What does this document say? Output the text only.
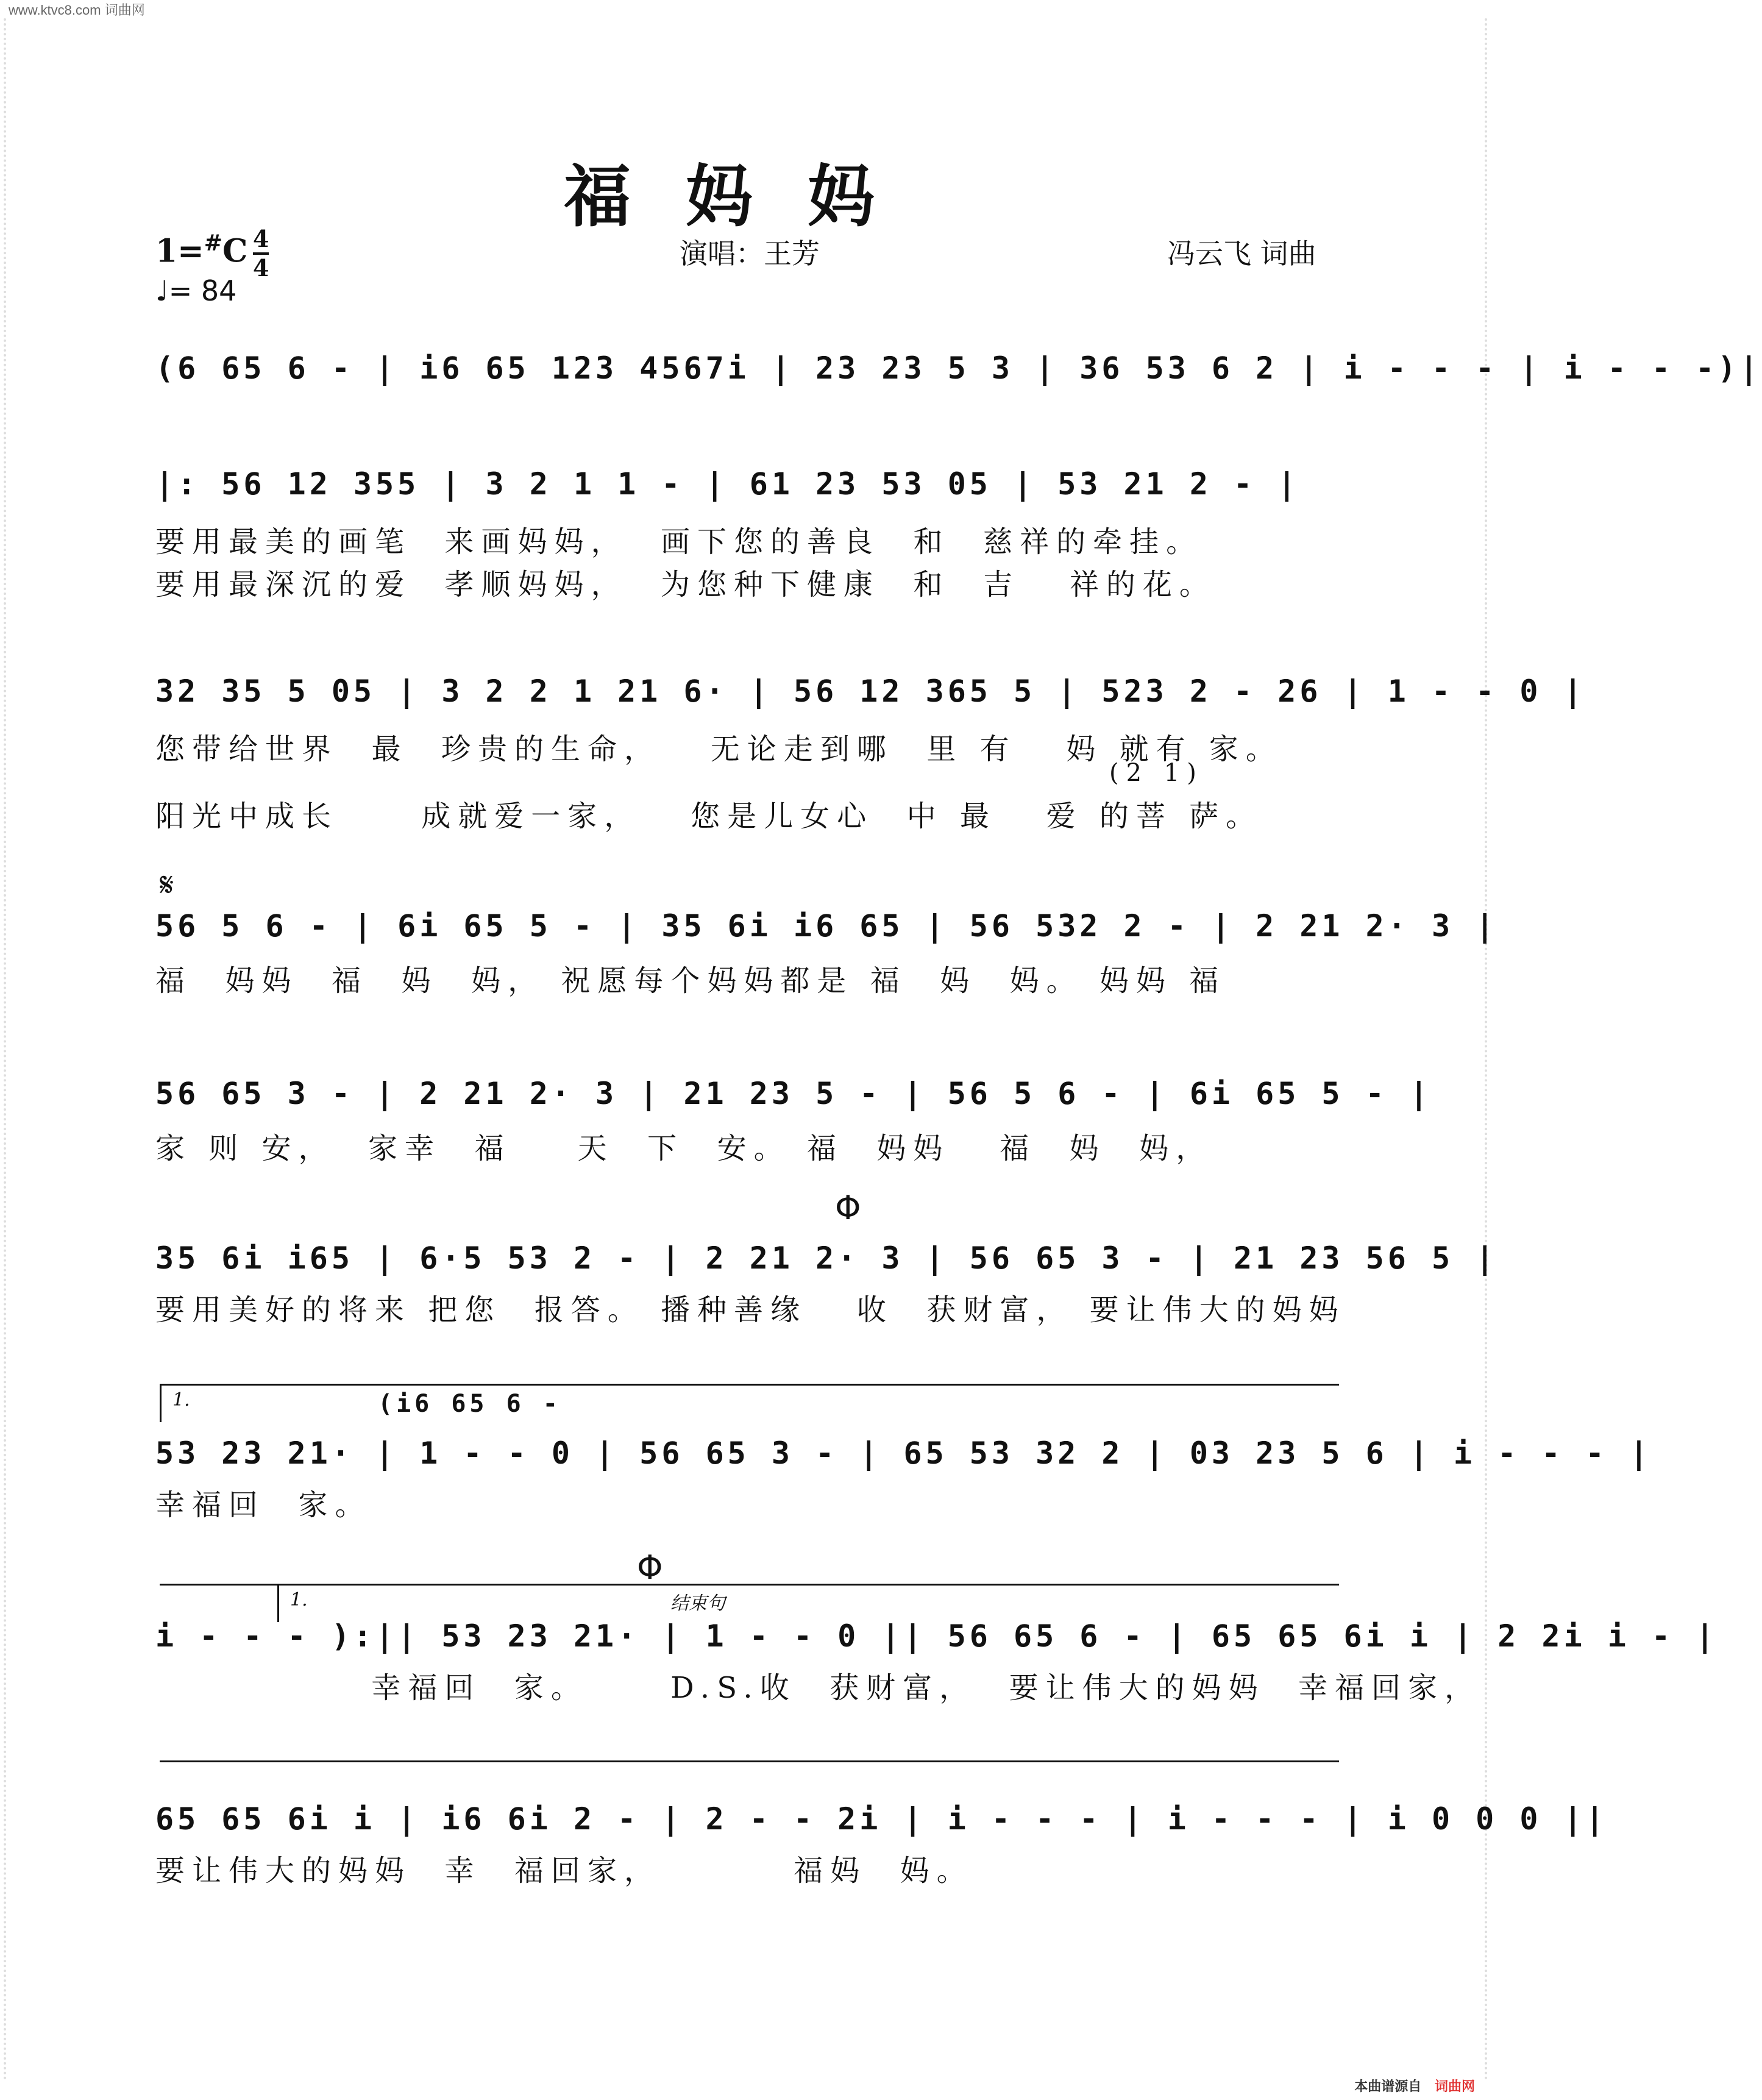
www.ktvc8.com 词曲网
福妈妈
1=#C 4
4
♩= 84
演唱：王芳	冯云飞 词曲
(6 65 6 - | i6 65 123 4567i | 23 23 5 3 | 36 53 6 2 | i - - - | i - - -)|
|: 56 12 355 | 3 2 1 1 - | 61 23 53 05 | 53 21 2 - |
要用最美的画笔  来画妈妈，  画下您的善良  和  慈祥的牵挂。
要用最深沉的爱  孝顺妈妈，  为您种下健康  和  吉   祥的花。
32 35 5 05 | 3 2 2 1 21 6· | 56 12 365 5 | 523 2 - 26 | 1 - - 0 |
您带给世界  最  珍贵的生命，   无论走到哪  里 有   妈 就有 家。
(2 1)
阳光中成长     成就爱一家，   您是儿女心  中 最   爱 的菩 萨。
𝄋
56 5 6 - | 6i 65 5 - | 35 6i i6 65 | 56 532 2 - | 2 21 2· 3 |
福  妈妈  福  妈  妈， 祝愿每个妈妈都是 福  妈  妈。 妈妈 福
56 65 3 - | 2 21 2· 3 | 21 23 5 - | 56 5 6 - | 6i 65 5 - |
家 则 安，  家幸  福    天  下  安。 福  妈妈   福  妈  妈，
Φ
35 6i i65 | 6·5 53 2 - | 2 21 2· 3 | 56 65 3 - | 21 23 56 5 |
要用美好的将来 把您  报答。 播种善缘   收  获财富， 要让伟大的妈妈
1.	(i6 65 6 -
53 23 21· | 1 - - 0 | 56 65 3 - | 65 53 32 2 | 03 23 5 6 | i - - - |
幸福回  家。
1.
Φ
结束句
i - - - ):|| 53 23 21· | 1 - - 0 || 56 65 6 - | 65 65 6i i | 2 2i i - |
幸福回  家。     D.S.收  获财富，  要让伟大的妈妈  幸福回家，
65 65 6i i | i6 6i 2 - | 2 - - 2i | i - - - | i - - - | i 0 0 0 ||
要让伟大的妈妈  幸  福回家，        福妈  妈。
本曲谱源自 词曲网
